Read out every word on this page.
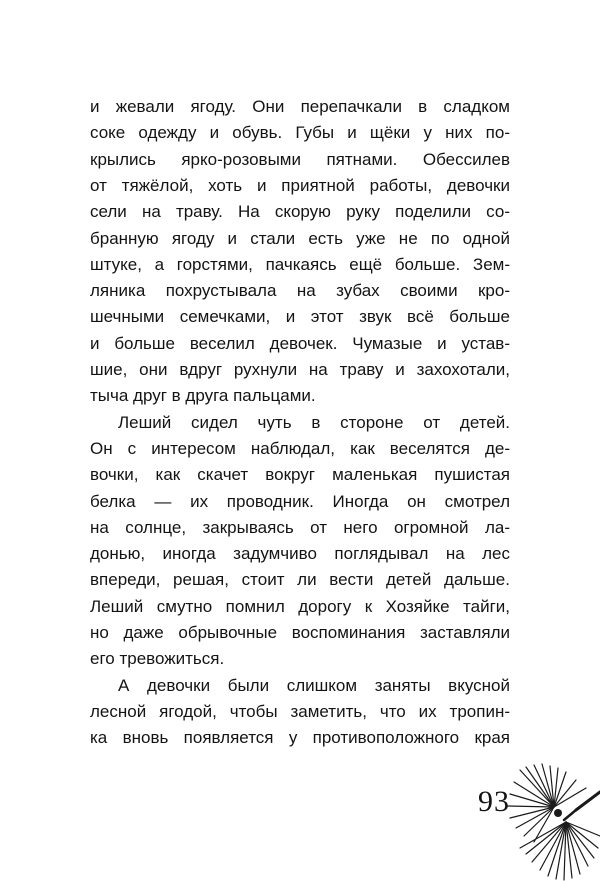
и жевали ягоду. Они перепачкали в сладком
соке одежду и обувь. Губы и щёки у них по-
крылись ярко-розовыми пятнами. Обессилев
от тяжёлой, хоть и приятной работы, девочки
сели на траву. На скорую руку поделили со-
бранную ягоду и стали есть уже не по одной
штуке, а горстями, пачкаясь ещё больше. Зем-
ляника похрустывала на зубах своими кро-
шечными семечками, и этот звук всё больше
и больше веселил девочек. Чумазые и устав-
шие, они вдруг рухнули на траву и захохотали,
тыча друг в друга пальцами.
Леший сидел чуть в стороне от детей.
Он с интересом наблюдал, как веселятся де-
вочки, как скачет вокруг маленькая пушистая
белка — их проводник. Иногда он смотрел
на солнце, закрываясь от него огромной ла-
донью, иногда задумчиво поглядывал на лес
впереди, решая, стоит ли вести детей дальше.
Леший смутно помнил дорогу к Хозяйке тайги,
но даже обрывочные воспоминания заставляли
его тревожиться.
А девочки были слишком заняты вкусной
лесной ягодой, чтобы заметить, что их тропин-
ка вновь появляется у противоположного края
93
